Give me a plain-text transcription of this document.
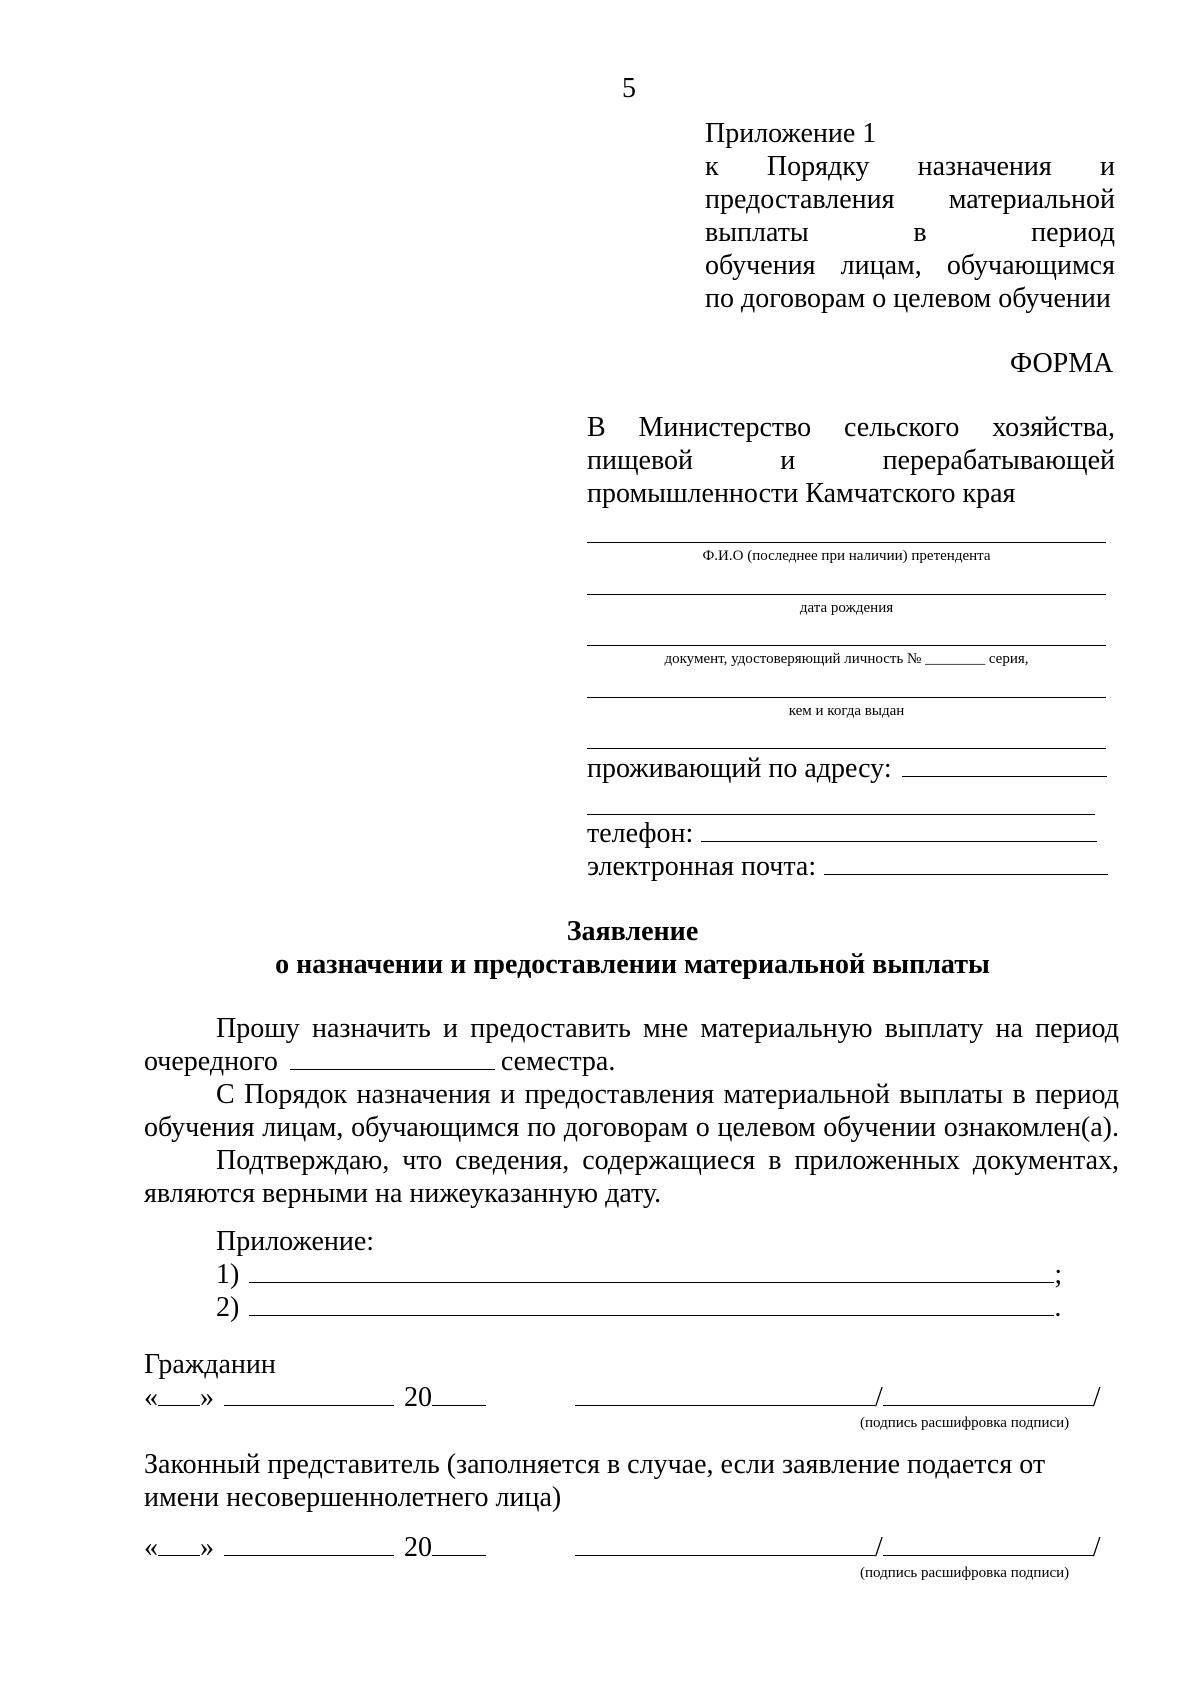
5
Приложение 1
к Порядку назначения и
предоставления материальной
выплаты в период
обучения лицам, обучающимся
по договорам о целевом обучении
ФОРМА
В Министерство сельского хозяйства,
пищевой и перерабатывающей
промышленности Камчатского края
Ф.И.О (последнее при наличии) претендента
дата рождения
документ, удостоверяющий личность № ________ серия,
кем и когда выдан
проживающий по адресу:
телефон:
электронная почта:
Заявление
о назначении и предоставлении материальной выплаты
Прошу назначить и предоставить мне материальную выплату на период
очередного	семестра.
С Порядок назначения и предоставления материальной выплаты в период
обучения лицам, обучающимся по договорам о целевом обучении ознакомлен(а).
Подтверждаю, что сведения, содержащиеся в приложенных документах,
являются верными на нижеуказанную дату.
Приложение:
1)	;
2)	.
Гражданин
« »	20	/	/
(подпись расшифровка подписи)
Законный представитель (заполняется в случае, если заявление подается от
имени несовершеннолетнего лица)
« »	20	/	/
(подпись расшифровка подписи)
